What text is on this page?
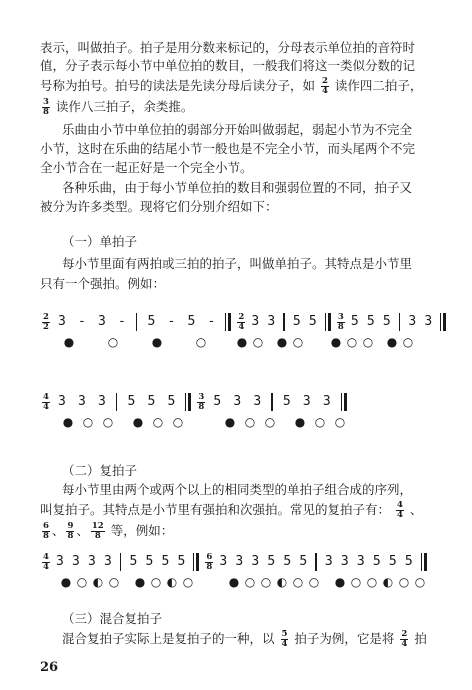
表示，叫做拍子。拍子是用分数来标记的，分母表示单位拍的音符时
值，分子表示每小节中单位拍的数目，一般我们将这一类似分数的记
号称为拍号。拍号的读法是先读分母后读分子，如 $\frac{2}{4}$ 读作四二拍子，
$\frac{3}{8}$ 读作八三拍子，余类推。
乐曲由小节中单位拍的弱部分开始叫做弱起，弱起小节为不完全
小节，这时在乐曲的结尾小节一般也是不完全小节，而头尾两个不完
全小节合在一起正好是一个完全小节。
各种乐曲，由于每小节单位拍的数目和强弱位置的不同，拍子又
被分为许多类型。现将它们分别介绍如下：
（一）单拍子
每小节里面有两拍或三拍的拍子，叫做单拍子。其特点是小节里
只有一个强拍。例如：
2
2 3 - 3 -	5 - 5 -	2
4 3 3	5 5	3
8 5 5 5	3 3
●	○	●	○	● ○ ● ○ ● ○ ○ ● ○
4
4 3 3 3	5 5 5	3
8 5 3 3	5 3 3
● ○ ○	● ○ ○	● ○ ○	● ○ ○
（二）复拍子
每小节里由两个或两个以上的相同类型的单拍子组合成的序列，
叫复拍子。其特点是小节里有强拍和次强拍。常见的复拍子有： $\frac{4}{4}$ 、
$\frac{6}{8}$ 、 $\frac{9}{8}$ 、 $\frac{12}{8}$ 等，例如：
4
4 3 3 3 3	5 5 5 5	6
8 3 3 3 5 5 5	3 3 3 5 5 5
● ○ ◐ ○ ● ○ ◐ ○	● ○ ○ ◐ ○ ○ ● ○ ○ ◐ ○ ○
（三）混合复拍子
混合复拍子实际上是复拍子的一种，以 $\frac{5}{4}$ 拍子为例，它是将 $\frac{2}{4}$ 拍
26
